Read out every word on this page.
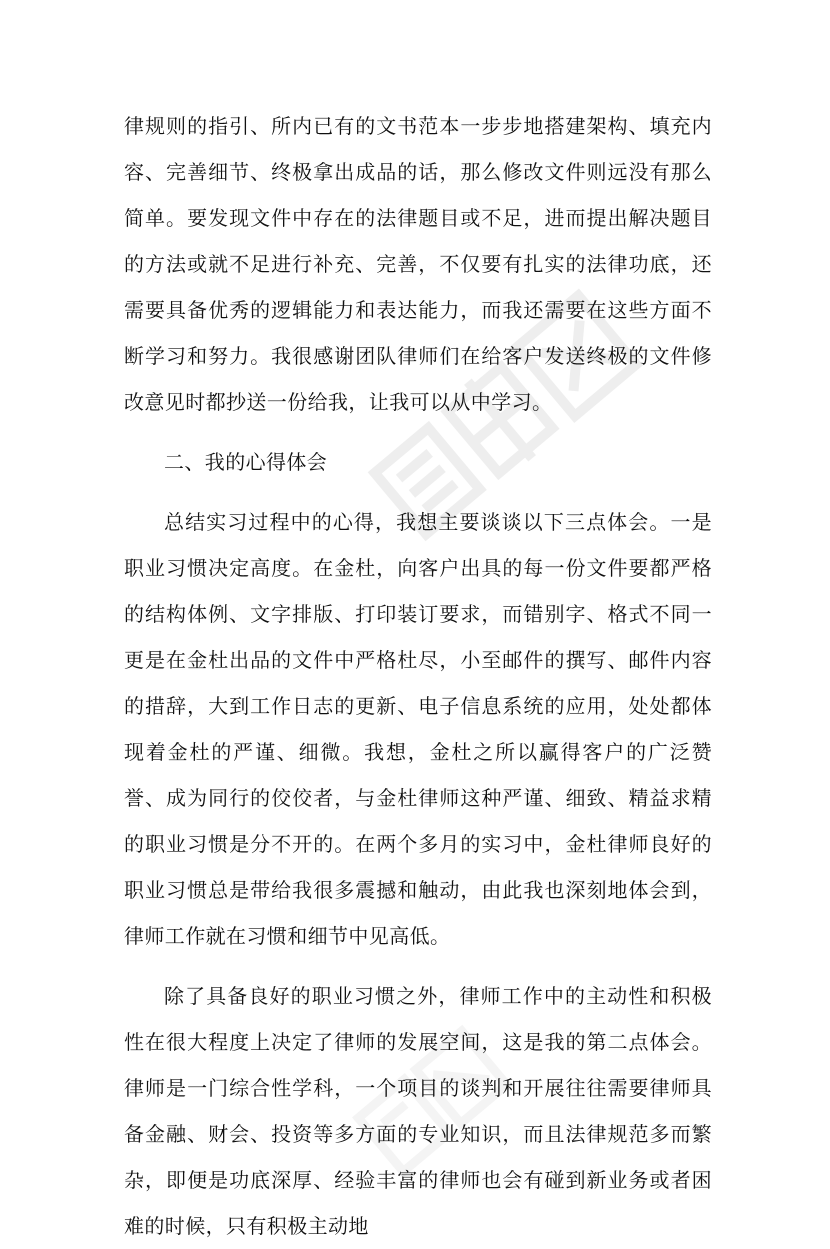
律规则的指引、所内已有的文书范本一步步地搭建架构、填充内容、完善细节、终极拿出成品的话，那么修改文件则远没有那么简单。要发现文件中存在的法律题目或不足，进而提出解决题目的方法或就不足进行补充、完善，不仅要有扎实的法律功底，还需要具备优秀的逻辑能力和表达能力，而我还需要在这些方面不断学习和努力。我很感谢团队律师们在给客户发送终极的文件修改意见时都抄送一份给我，让我可以从中学习。

二、我的心得体会

总结实习过程中的心得，我想主要谈谈以下三点体会。一是职业习惯决定高度。在金杜，向客户出具的每一份文件要都严格的结构体例、文字排版、打印装订要求，而错别字、格式不同一更是在金杜出品的文件中严格杜尽，小至邮件的撰写、邮件内容的措辞，大到工作日志的更新、电子信息系统的应用，处处都体现着金杜的严谨、细微。我想，金杜之所以赢得客户的广泛赞誉、成为同行的佼佼者，与金杜律师这种严谨、细致、精益求精的职业习惯是分不开的。在两个多月的实习中，金杜律师良好的职业习惯总是带给我很多震撼和触动，由此我也深刻地体会到，律师工作就在习惯和细节中见高低。

除了具备良好的职业习惯之外，律师工作中的主动性和积极性在很大程度上决定了律师的发展空间，这是我的第二点体会。律师是一门综合性学科，一个项目的谈判和开展往往需要律师具备金融、财会、投资等多方面的专业知识，而且法律规范多而繁杂，即便是功底深厚、经验丰富的律师也会有碰到新业务或者困难的时候，只有积极主动地
